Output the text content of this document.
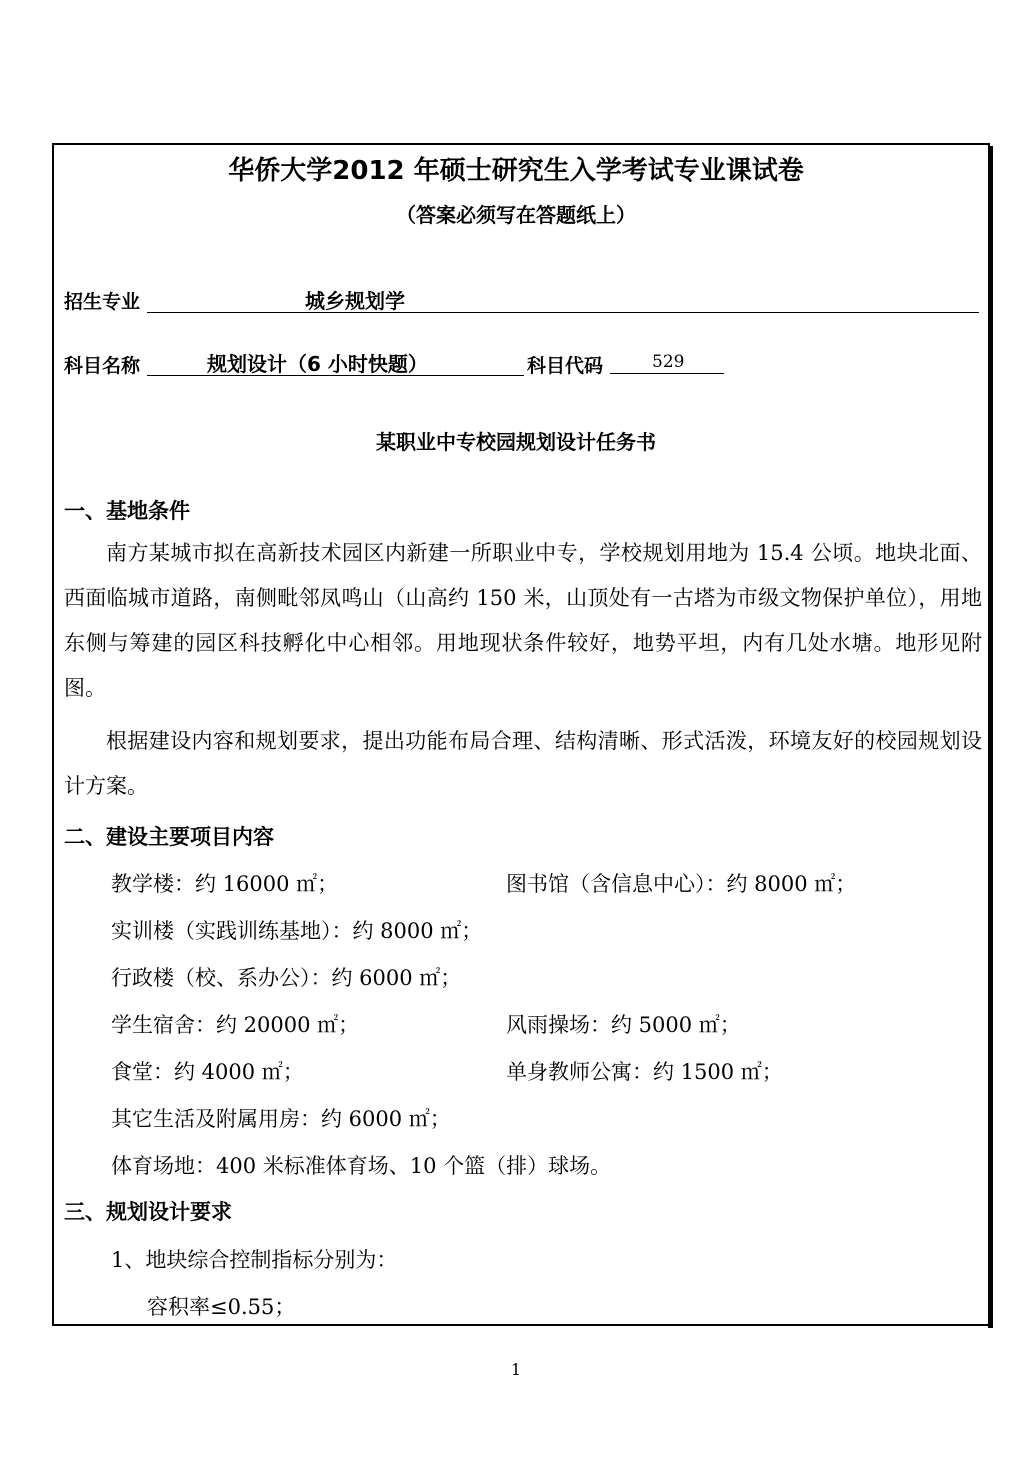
华侨大学2012 年硕士研究生入学考试专业课试卷
（答案必须写在答题纸上）
招生专业	城乡规划学
科目名称	规划设计（6 小时快题）	科目代码	529
某职业中专校园规划设计任务书
一、基地条件
南方某城市拟在高新技术园区内新建一所职业中专，学校规划用地为 15.4 公顷。地块北面、西面临城市道路，南侧毗邻凤鸣山（山高约 150 米，山顶处有一古塔为市级文物保护单位），用地东侧与筹建的园区科技孵化中心相邻。用地现状条件较好，地势平坦，内有几处水塘。地形见附图。
根据建设内容和规划要求，提出功能布局合理、结构清晰、形式活泼，环境友好的校园规划设计方案。
二、建设主要项目内容
教学楼：约 16000 ㎡；	图书馆（含信息中心）：约 8000 ㎡；
实训楼（实践训练基地）：约 8000 ㎡；
行政楼（校、系办公）：约 6000 ㎡；
学生宿舍：约 20000 ㎡；	风雨操场：约 5000 ㎡；
食堂：约 4000 ㎡；	单身教师公寓：约 1500 ㎡；
其它生活及附属用房：约 6000 ㎡；
体育场地：400 米标准体育场、10 个篮（排）球场。
三、规划设计要求
1、地块综合控制指标分别为：
容积率≤0.55；
1
